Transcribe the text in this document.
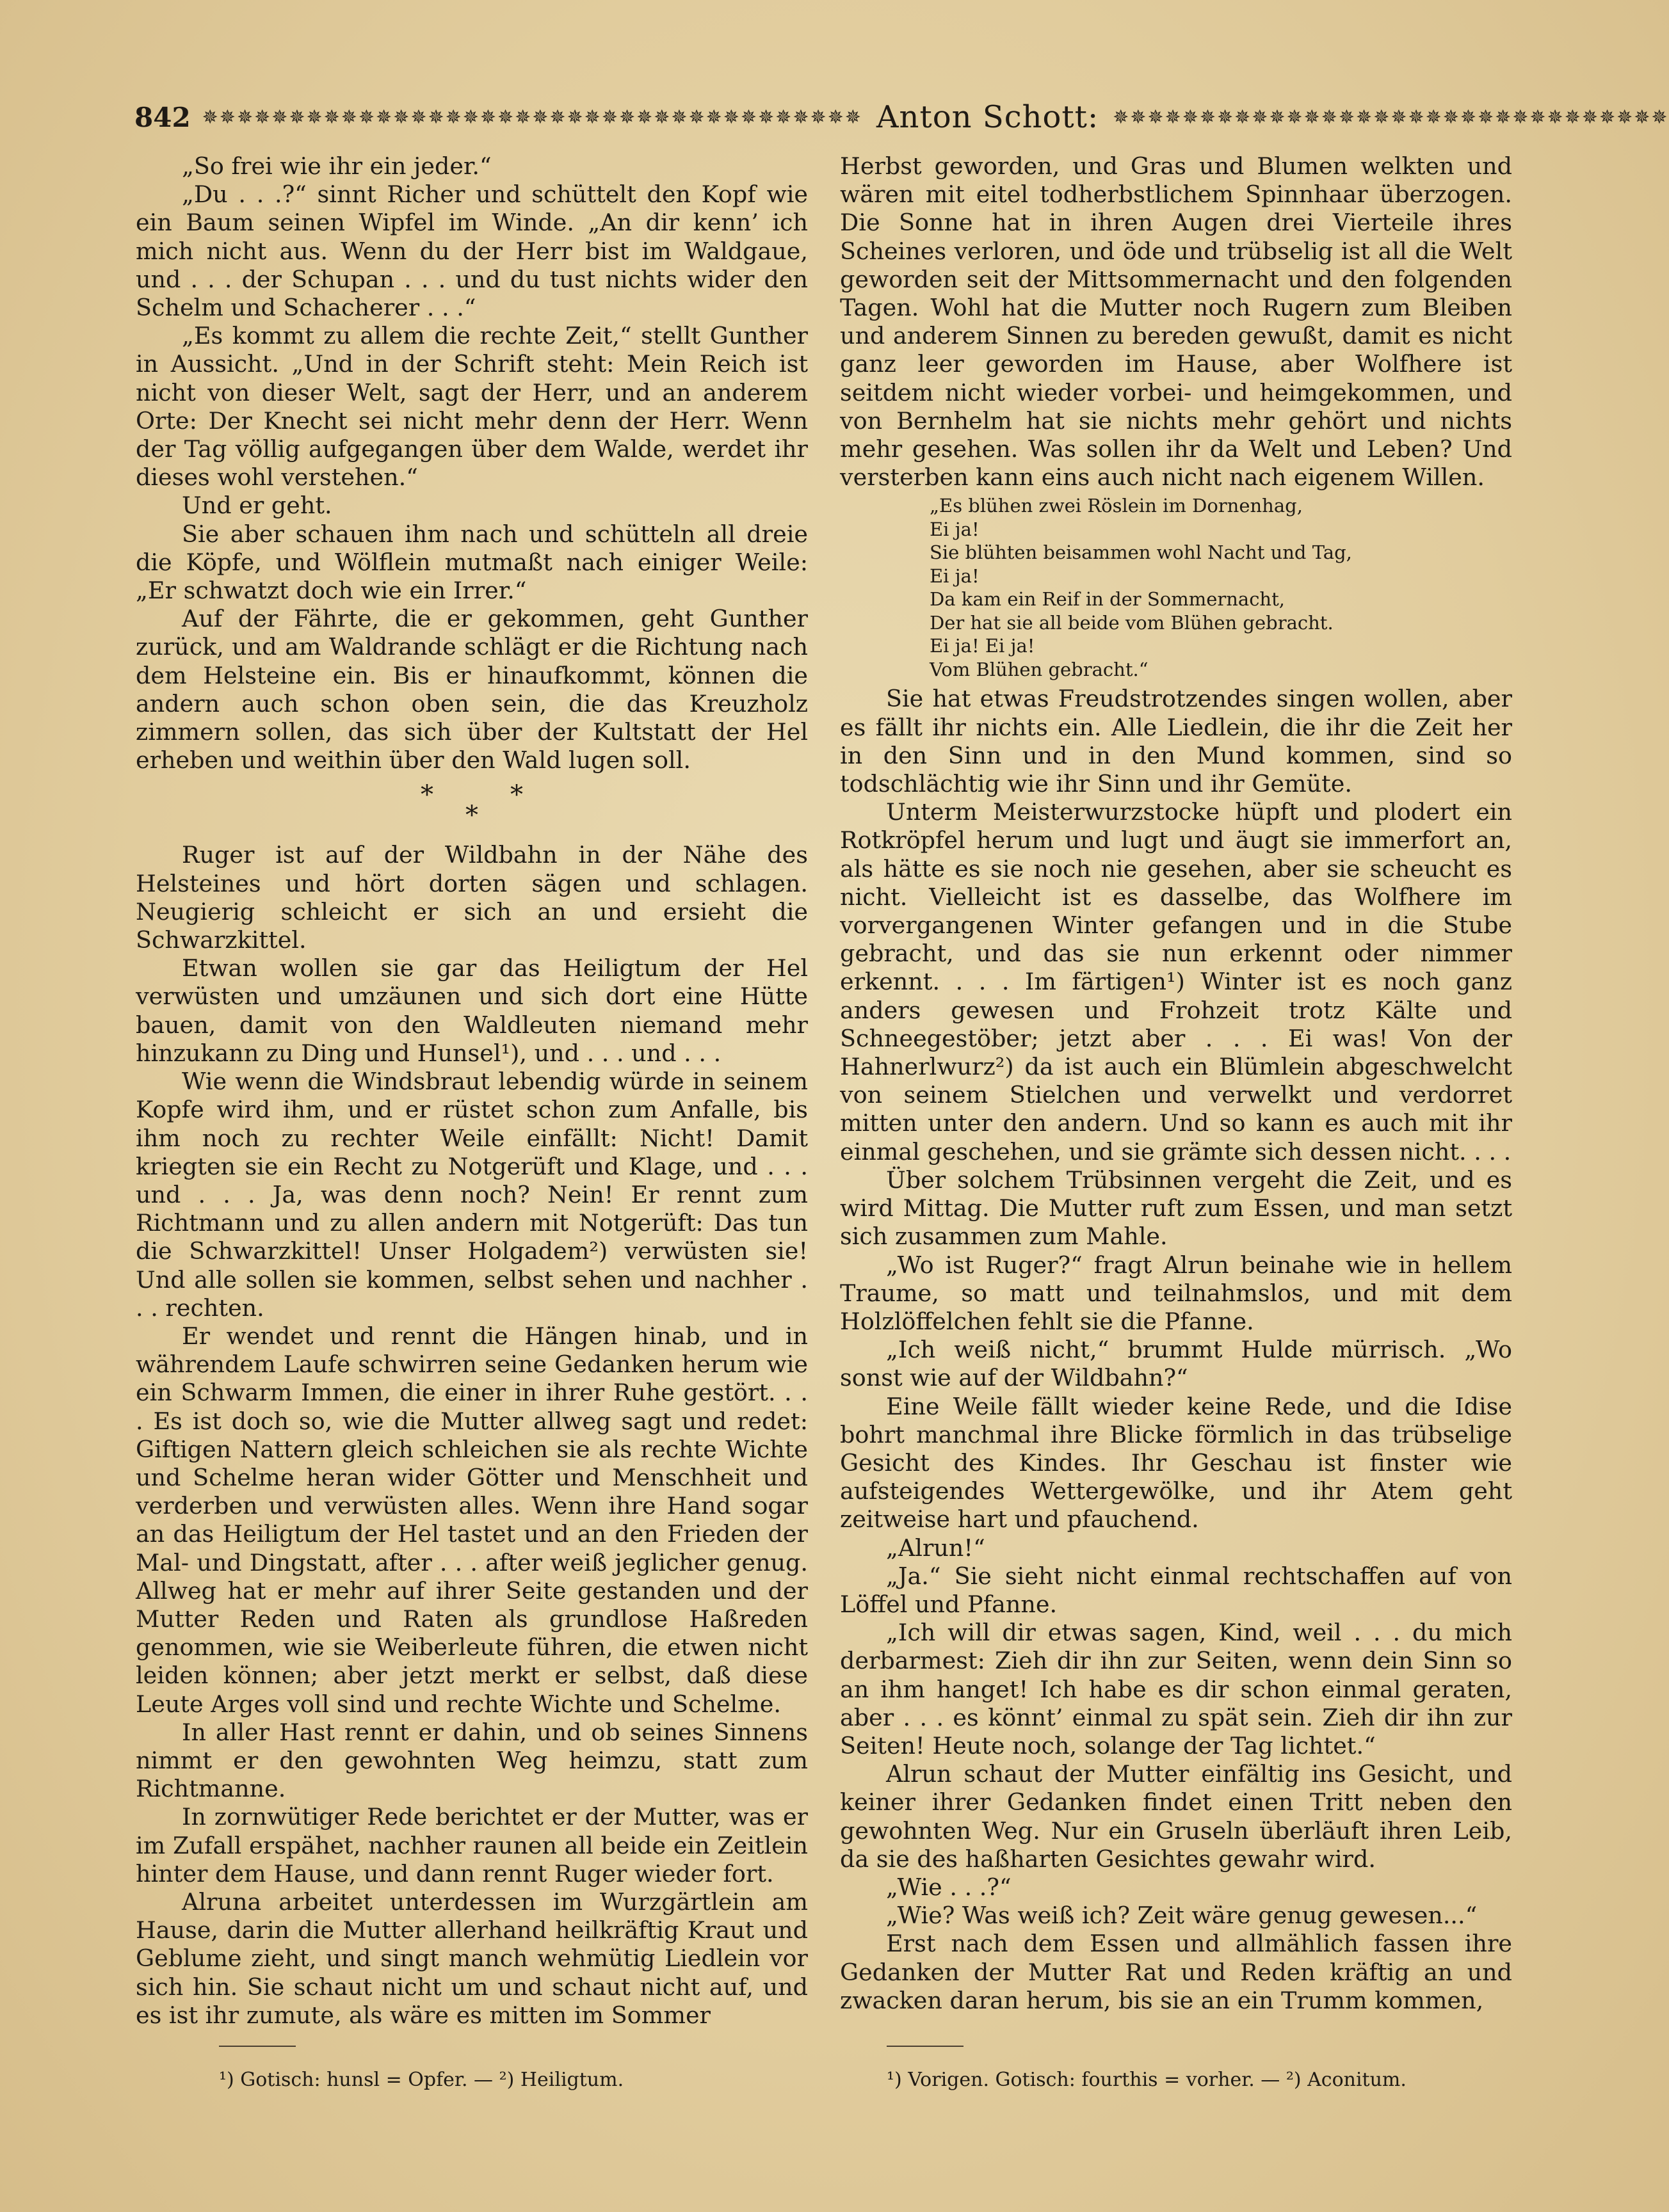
842 ✵✵✵✵✵✵✵✵✵✵✵✵✵✵✵✵✵✵✵✵✵✵✵✵✵✵✵✵✵✵✵✵✵✵✵✵✵✵ Anton Schott: ✵✵✵✵✵✵✵✵✵✵✵✵✵✵✵✵✵✵✵✵✵✵✵✵✵✵✵✵✵✵✵✵

„So frei wie ihr ein jeder.“

„Du . . .?“ sinnt Richer und schüttelt den Kopf wie ein Baum seinen Wipfel im Winde. „An dir kenn’ ich mich nicht aus. Wenn du der Herr bist im Waldgaue, und . . . der Schupan . . . und du tust nichts wider den Schelm und Schacherer . . .“

„Es kommt zu allem die rechte Zeit,“ stellt Gunther in Aussicht. „Und in der Schrift steht: Mein Reich ist nicht von dieser Welt, sagt der Herr, und an anderem Orte: Der Knecht sei nicht mehr denn der Herr. Wenn der Tag völlig aufgegangen über dem Walde, werdet ihr dieses wohl verstehen.“

Und er geht.

Sie aber schauen ihm nach und schütteln all dreie die Köpfe, und Wölflein mutmaßt nach einiger Weile: „Er schwatzt doch wie ein Irrer.“

Auf der Fährte, die er gekommen, geht Gunther zurück, und am Waldrande schlägt er die Richtung nach dem Helsteine ein. Bis er hinaufkommt, können die andern auch schon oben sein, die das Kreuzholz zimmern sollen, das sich über der Kultstatt der Hel erheben und weithin über den Wald lugen soll.

*	*
*

Ruger ist auf der Wildbahn in der Nähe des Helsteines und hört dorten sägen und schlagen. Neugierig schleicht er sich an und ersieht die Schwarzkittel.

Etwan wollen sie gar das Heiligtum der Hel verwüsten und umzäunen und sich dort eine Hütte bauen, damit von den Waldleuten niemand mehr hinzukann zu Ding und Hunsel¹), und . . . und . . .

Wie wenn die Windsbraut lebendig würde in seinem Kopfe wird ihm, und er rüstet schon zum Anfalle, bis ihm noch zu rechter Weile einfällt: Nicht! Damit kriegten sie ein Recht zu Notgerüft und Klage, und . . . und . . . Ja, was denn noch? Nein! Er rennt zum Richtmann und zu allen andern mit Notgerüft: Das tun die Schwarzkittel! Unser Holgadem²) verwüsten sie! Und alle sollen sie kommen, selbst sehen und nachher . . . rechten.

Er wendet und rennt die Hängen hinab, und in währendem Laufe schwirren seine Gedanken herum wie ein Schwarm Immen, die einer in ihrer Ruhe gestört. . . . Es ist doch so, wie die Mutter allweg sagt und redet: Giftigen Nattern gleich schleichen sie als rechte Wichte und Schelme heran wider Götter und Menschheit und verderben und verwüsten alles. Wenn ihre Hand sogar an das Heiligtum der Hel tastet und an den Frieden der Mal- und Dingstatt, after . . . after weiß jeglicher genug. Allweg hat er mehr auf ihrer Seite gestanden und der Mutter Reden und Raten als grundlose Haßreden genommen, wie sie Weiberleute führen, die etwen nicht leiden können; aber jetzt merkt er selbst, daß diese Leute Arges voll sind und rechte Wichte und Schelme.

In aller Hast rennt er dahin, und ob seines Sinnens nimmt er den gewohnten Weg heimzu, statt zum Richtmanne.

In zornwütiger Rede berichtet er der Mutter, was er im Zufall erspähet, nachher raunen all beide ein Zeitlein hinter dem Hause, und dann rennt Ruger wieder fort.

Alruna arbeitet unterdessen im Wurzgärtlein am Hause, darin die Mutter allerhand heilkräftig Kraut und Geblume zieht, und singt manch wehmütig Liedlein vor sich hin. Sie schaut nicht um und schaut nicht auf, und es ist ihr zumute, als wäre es mitten im Sommer

Herbst geworden, und Gras und Blumen welkten und wären mit eitel todherbstlichem Spinnhaar überzogen. Die Sonne hat in ihren Augen drei Vierteile ihres Scheines verloren, und öde und trübselig ist all die Welt geworden seit der Mittsommernacht und den folgenden Tagen. Wohl hat die Mutter noch Rugern zum Bleiben und anderem Sinnen zu bereden gewußt, damit es nicht ganz leer geworden im Hause, aber Wolfhere ist seitdem nicht wieder vorbei- und heimgekommen, und von Bernhelm hat sie nichts mehr gehört und nichts mehr gesehen. Was sollen ihr da Welt und Leben? Und versterben kann eins auch nicht nach eigenem Willen.

„Es blühen zwei Röslein im Dornenhag,
Ei ja!
Sie blühten beisammen wohl Nacht und Tag,
Ei ja!
Da kam ein Reif in der Sommernacht,
Der hat sie all beide vom Blühen gebracht.
Ei ja! Ei ja!
Vom Blühen gebracht.“

Sie hat etwas Freudstrotzendes singen wollen, aber es fällt ihr nichts ein. Alle Liedlein, die ihr die Zeit her in den Sinn und in den Mund kommen, sind so todschlächtig wie ihr Sinn und ihr Gemüte.

Unterm Meisterwurzstocke hüpft und plodert ein Rotkröpfel herum und lugt und äugt sie immerfort an, als hätte es sie noch nie gesehen, aber sie scheucht es nicht. Vielleicht ist es dasselbe, das Wolfhere im vorvergangenen Winter gefangen und in die Stube gebracht, und das sie nun erkennt oder nimmer erkennt. . . . Im färtigen¹) Winter ist es noch ganz anders gewesen und Frohzeit trotz Kälte und Schneegestöber; jetzt aber . . . Ei was! Von der Hahnerlwurz²) da ist auch ein Blümlein abgeschwelcht von seinem Stielchen und verwelkt und verdorret mitten unter den andern. Und so kann es auch mit ihr einmal geschehen, und sie grämte sich dessen nicht. . . .

Über solchem Trübsinnen vergeht die Zeit, und es wird Mittag. Die Mutter ruft zum Essen, und man setzt sich zusammen zum Mahle.

„Wo ist Ruger?“ fragt Alrun beinahe wie in hellem Traume, so matt und teilnahmslos, und mit dem Holzlöffelchen fehlt sie die Pfanne.

„Ich weiß nicht,“ brummt Hulde mürrisch. „Wo sonst wie auf der Wildbahn?“

Eine Weile fällt wieder keine Rede, und die Idise bohrt manchmal ihre Blicke förmlich in das trübselige Gesicht des Kindes. Ihr Geschau ist finster wie aufsteigendes Wettergewölke, und ihr Atem geht zeitweise hart und pfauchend.

„Alrun!“

„Ja.“ Sie sieht nicht einmal rechtschaffen auf von Löffel und Pfanne.

„Ich will dir etwas sagen, Kind, weil . . . du mich derbarmest: Zieh dir ihn zur Seiten, wenn dein Sinn so an ihm hanget! Ich habe es dir schon einmal geraten, aber . . . es könnt’ einmal zu spät sein. Zieh dir ihn zur Seiten! Heute noch, solange der Tag lichtet.“

Alrun schaut der Mutter einfältig ins Gesicht, und keiner ihrer Gedanken findet einen Tritt neben den gewohnten Weg. Nur ein Gruseln überläuft ihren Leib, da sie des haßharten Gesichtes gewahr wird.

„Wie . . .?“

„Wie? Was weiß ich? Zeit wäre genug gewesen...“

Erst nach dem Essen und allmählich fassen ihre Gedanken der Mutter Rat und Reden kräftig an und zwacken daran herum, bis sie an ein Trumm kommen,

¹) Gotisch: hunsl = Opfer. — ²) Heiligtum.	¹) Vorigen. Gotisch: fourthis = vorher. — ²) Aconitum.
